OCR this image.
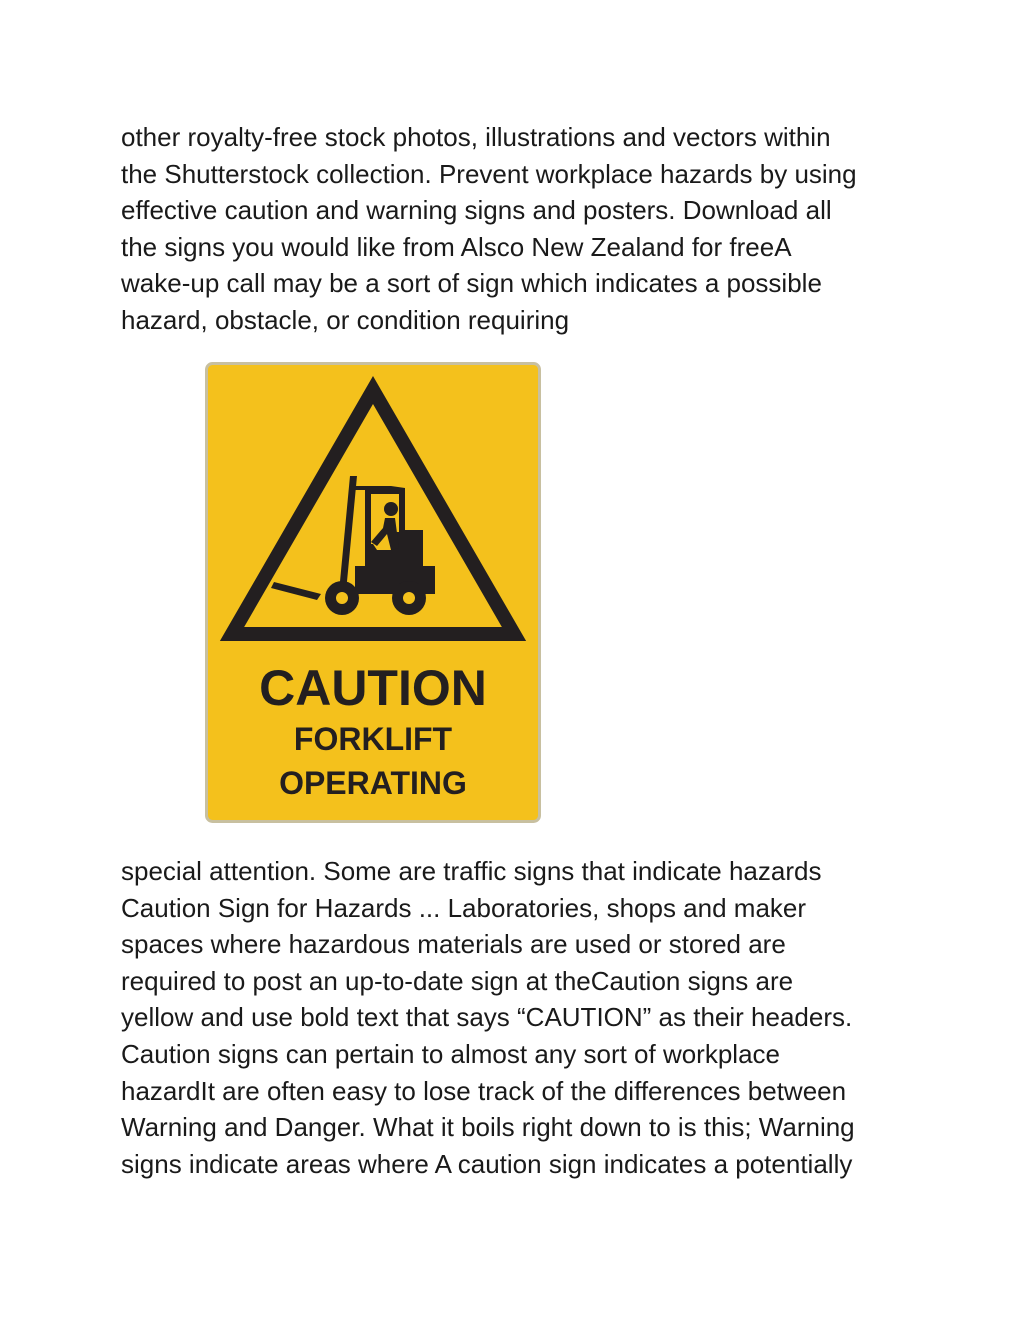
other royalty-free stock photos, illustrations and vectors within
the Shutterstock collection. Prevent workplace hazards by using
effective caution and warning signs and posters. Download all
the signs you would like from Alsco New Zealand for freeA
wake-up call may be a sort of sign which indicates a possible
hazard, obstacle, or condition requiring
CAUTION
FORKLIFT
OPERATING
special attention. Some are traffic signs that indicate hazards
Caution Sign for Hazards ... Laboratories, shops and maker
spaces where hazardous materials are used or stored are
required to post an up-to-date sign at theCaution signs are
yellow and use bold text that says “CAUTION” as their headers.
Caution signs can pertain to almost any sort of workplace
hazardIt are often easy to lose track of the differences between
Warning and Danger. What it boils right down to is this; Warning
signs indicate areas where A caution sign indicates a potentially
